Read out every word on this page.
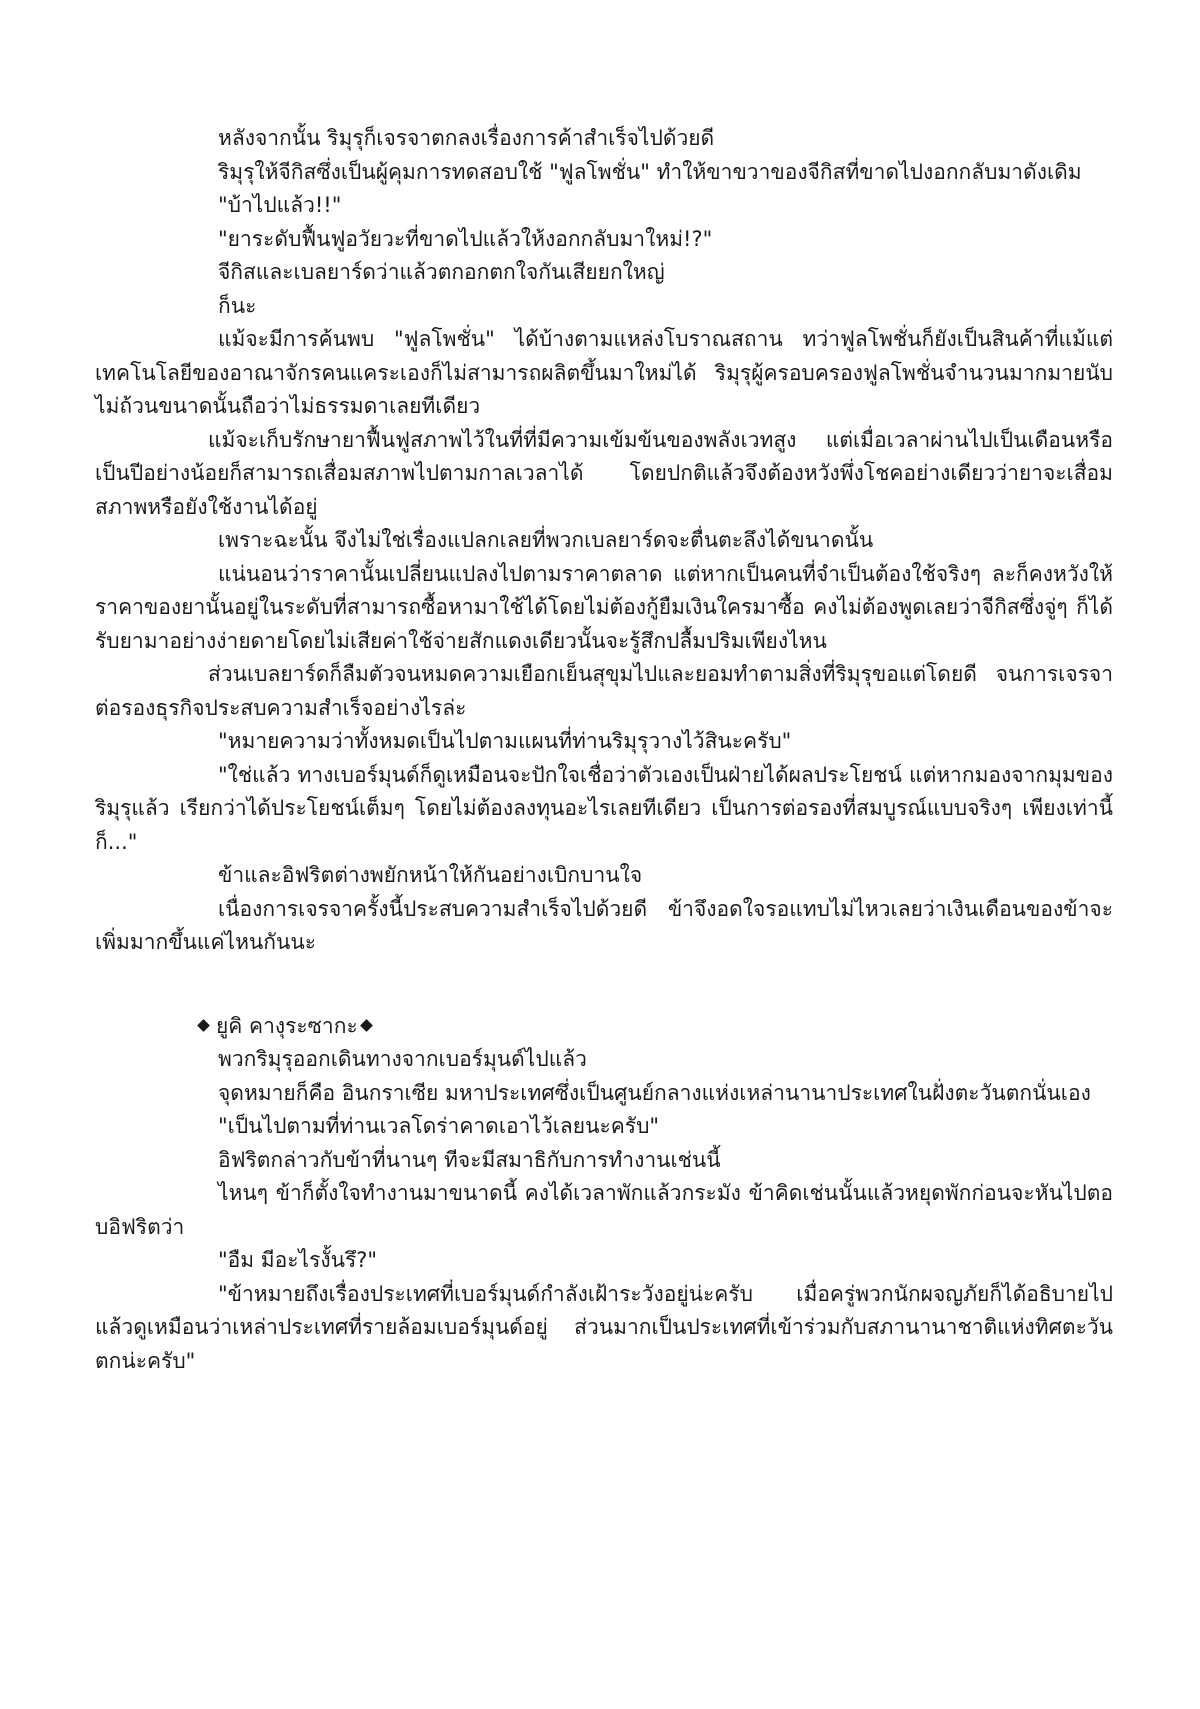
หลังจากนั้น ริมุรุก็เจรจาตกลงเรื่องการค้าสำเร็จไปด้วยดี

ริมุรุให้จีกิสซึ่งเป็นผู้คุมการทดสอบใช้ "ฟูลโพชั่น" ทำให้ขาขวาของจีกิสที่ขาดไปงอกกลับมาดังเดิม

"บ้าไปแล้ว!!"

"ยาระดับฟื้นฟูอวัยวะที่ขาดไปแล้วให้งอกกลับมาใหม่!?"

จีกิสและเบลยาร์ดว่าแล้วตกอกตกใจกันเสียยกใหญ่

ก็นะ

แม้จะมีการค้นพบ "ฟูลโพชั่น" ได้บ้างตามแหล่งโบราณสถาน ทว่าฟูลโพชั่นก็ยังเป็นสินค้าที่แม้แต่เทคโนโลยีของอาณาจักรคนแคระเองก็ไม่สามารถผลิตขึ้นมาใหม่ได้ ริมุรุผู้ครอบครองฟูลโพชั่นจำนวนมากมายนับไม่ถ้วนขนาดนั้นถือว่าไม่ธรรมดาเลยทีเดียว

แม้จะเก็บรักษายาฟื้นฟูสภาพไว้ในที่ที่มีความเข้มข้นของพลังเวทสูง แต่เมื่อเวลาผ่านไปเป็นเดือนหรือเป็นปีอย่างน้อยก็สามารถเสื่อมสภาพไปตามกาลเวลาได้ โดยปกติแล้วจึงต้องหวังพึ่งโชคอย่างเดียวว่ายาจะเสื่อมสภาพหรือยังใช้งานได้อยู่

เพราะฉะนั้น จึงไม่ใช่เรื่องแปลกเลยที่พวกเบลยาร์ดจะตื่นตะลึงได้ขนาดนั้น

แน่นอนว่าราคานั้นเปลี่ยนแปลงไปตามราคาตลาด แต่หากเป็นคนที่จำเป็นต้องใช้จริงๆ ละก็คงหวังให้ราคาของยานั้นอยู่ในระดับที่สามารถซื้อหามาใช้ได้โดยไม่ต้องกู้ยืมเงินใครมาซื้อ คงไม่ต้องพูดเลยว่าจีกิสซึ่งจู่ๆ ก็ได้รับยามาอย่างง่ายดายโดยไม่เสียค่าใช้จ่ายสักแดงเดียวนั้นจะรู้สึกปลื้มปริมเพียงไหน

ส่วนเบลยาร์ดก็ลืมตัวจนหมดความเยือกเย็นสุขุมไปและยอมทำตามสิ่งที่ริมุรุขอแต่โดยดี จนการเจรจาต่อรองธุรกิจประสบความสำเร็จอย่างไรล่ะ

"หมายความว่าทั้งหมดเป็นไปตามแผนที่ท่านริมุรุวางไว้สินะครับ"

"ใช่แล้ว ทางเบอร์มุนด์ก็ดูเหมือนจะปักใจเชื่อว่าตัวเองเป็นฝ่ายได้ผลประโยชน์ แต่หากมองจากมุมของริมุรุแล้ว เรียกว่าได้ประโยชน์เต็มๆ โดยไม่ต้องลงทุนอะไรเลยทีเดียว เป็นการต่อรองที่สมบูรณ์แบบจริงๆ เพียงเท่านี้ก็..."

ข้าและอิฟริตต่างพยักหน้าให้กันอย่างเบิกบานใจ

เนื่องการเจรจาครั้งนี้ประสบความสำเร็จไปด้วยดี ข้าจึงอดใจรอแทบไม่ไหวเลยว่าเงินเดือนของข้าจะเพิ่มมากขึ้นแค่ไหนกันนะ

ยูคิ คางุระซากะ

พวกริมุรุออกเดินทางจากเบอร์มุนด์ไปแล้ว

จุดหมายก็คือ อินกราเซีย มหาประเทศซึ่งเป็นศูนย์กลางแห่งเหล่านานาประเทศในฝั่งตะวันตกนั่นเอง

"เป็นไปตามที่ท่านเวลโดร่าคาดเอาไว้เลยนะครับ"

อิฟริตกล่าวกับข้าที่นานๆ ทีจะมีสมาธิกับการทำงานเช่นนี้

ไหนๆ ข้าก็ตั้งใจทำงานมาขนาดนี้ คงได้เวลาพักแล้วกระมัง ข้าคิดเช่นนั้นแล้วหยุดพักก่อนจะหันไปตอบอิฟริตว่า

"อืม มีอะไรงั้นรึ?"

"ข้าหมายถึงเรื่องประเทศที่เบอร์มุนด์กำลังเฝ้าระวังอยู่น่ะครับ เมื่อครู่พวกนักผจญภัยก็ได้อธิบายไปแล้วดูเหมือนว่าเหล่าประเทศที่รายล้อมเบอร์มุนด์อยู่ ส่วนมากเป็นประเทศที่เข้าร่วมกับสภานานาชาติแห่งทิศตะวันตกน่ะครับ"
